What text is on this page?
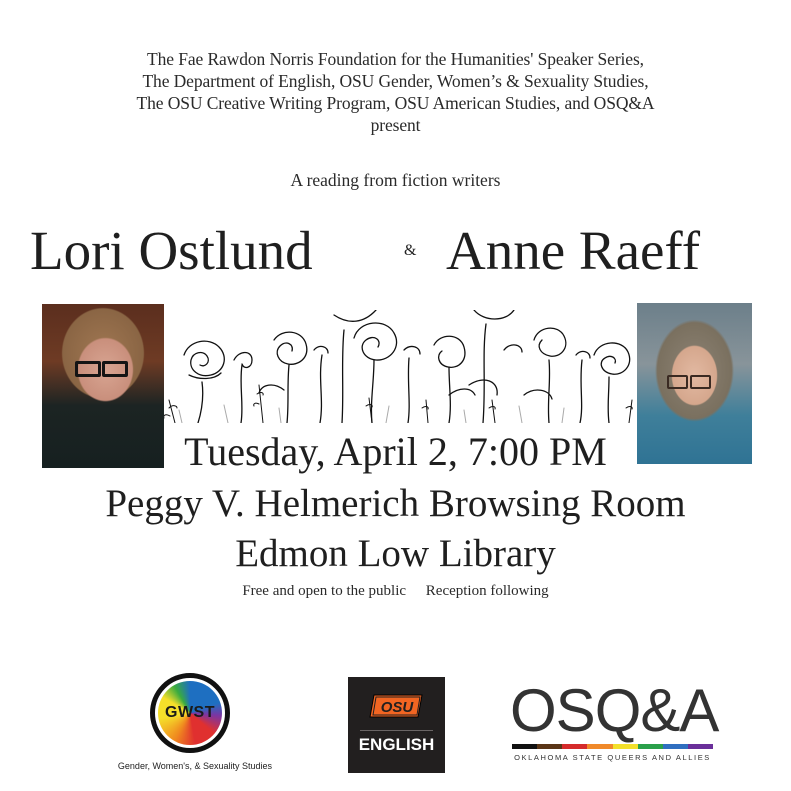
The Fae Rawdon Norris Foundation for the Humanities' Speaker Series,
The Department of English, OSU Gender, Women’s & Sexuality Studies,
The OSU Creative Writing Program, OSU American Studies, and OSQ&A
present
A reading from fiction writers
Lori Ostlund	& Anne Raeff
Tuesday, April 2, 7:00 PM
Peggy V. Helmerich Browsing Room
Edmon Low Library
Free and open to the public Reception following
GWST
Gender, Women's, & Sexuality Studies
OSU
ENGLISH
OSQ&A
OKLAHOMA STATE QUEERS AND ALLIES
